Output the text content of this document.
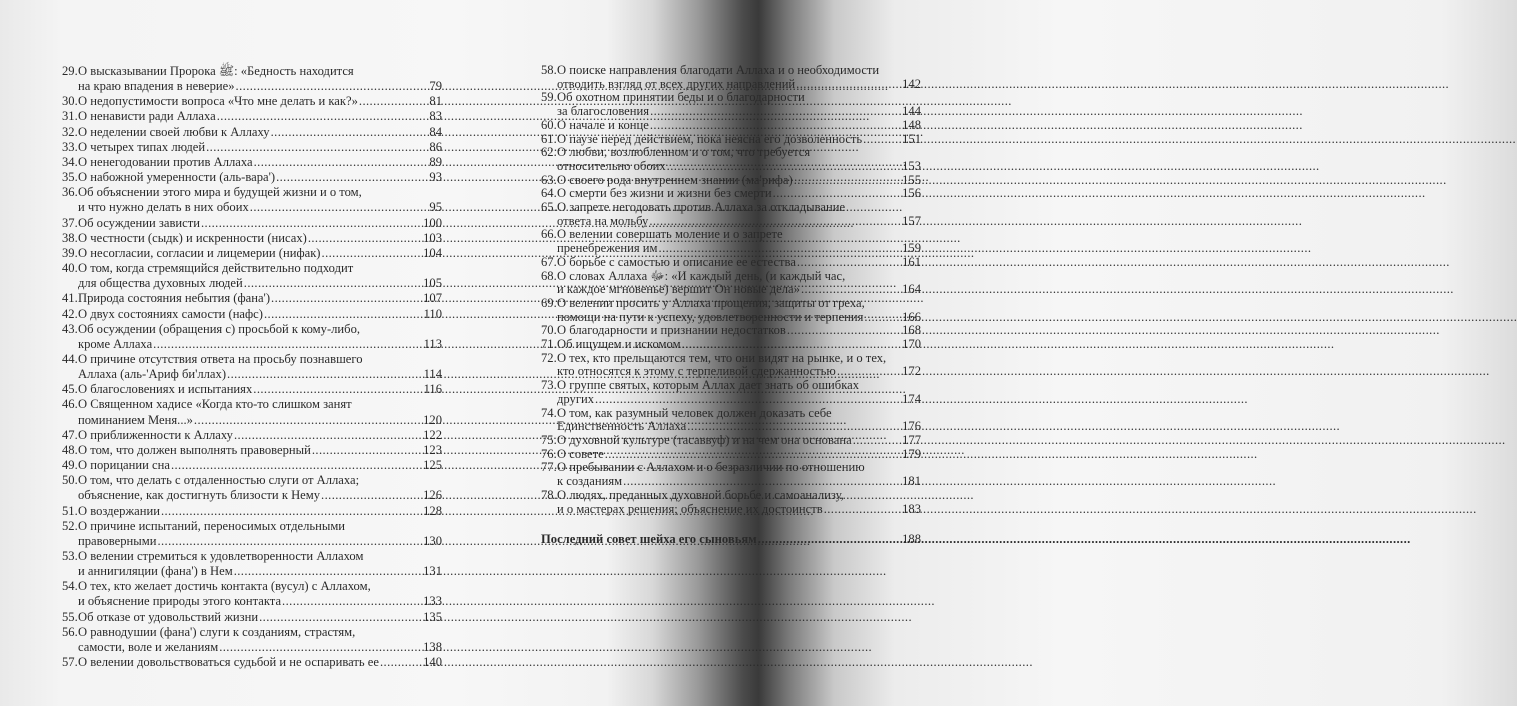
29. О высказывании Пророка ﷺ: «Бедность находится
на краю впадения в неверие» .....	79
30. О недопустимости вопроса «Что мне делать и как?» .....	81
31. О ненависти ради Аллаха .....	83
32. О неделении своей любви к Аллаху .....	84
33. О четырех типах людей .....	86
34. О ненегодовании против Аллаха .....	89
35. О набожной умеренности (аль-вара') .....	93
36. Об объяснении этого мира и будущей жизни и о том,
и что нужно делать в них обоих .....	95
37. Об осуждении зависти .....	100
38. О честности (сыдк) и искренности (нисах) .....	103
39. О несогласии, согласии и лицемерии (нифак) .....	104
40. О том, когда стремящийся действительно подходит
для общества духовных людей .....	105
41. Природа состояния небытия (фана') .....	107
42. О двух состояниях самости (нафс) .....	110
43. Об осуждении (обращения с) просьбой к кому-либо,
кроме Аллаха .....	113
44. О причине отсутствия ответа на просьбу познавшего
Аллаха (аль-'Ариф би'ллах) .....	114
45. О благословениях и испытаниях .....	116
46. О Священном хадисе «Когда кто-то слишком занят
поминанием Меня...» .....	120
47. О приближенности к Аллаху .....	122
48. О том, что должен выполнять правоверный .....	123
49. О порицании сна .....	125
50. О том, что делать с отдаленностью слуги от Аллаха;
объяснение, как достигнуть близости к Нему .....	126
51. О воздержании .....	128
52. О причине испытаний, переносимых отдельными
правоверными .....	130
53. О велении стремиться к удовлетворенности Аллахом
и аннигиляции (фана') в Нем .....	131
54. О тех, кто желает достичь контакта (вусул) с Аллахом,
и объяснение природы этого контакта .....	133
55. Об отказе от удовольствий жизни .....	135
56. О равнодушии (фана') слуги к созданиям, страстям,
самости, воле и желаниям .....	138
57. О велении довольствоваться судьбой и не оспаривать ее .....	140
58. О поиске направления благодати Аллаха и о необходимости
отводить взгляд от всех других направлений .....	142
59. Об охотном принятии беды и о благодарности
за благословения .....	144
60. О начале и конце .....	148
61. О паузе перед действием, пока неясна его дозволенность .....	151
62. О любви, возлюбленном и о том, что требуется
относительно обоих .....	153
63. О своего рода внутреннем знании (ма'рифа) .....	155
64. О смерти без жизни и жизни без смерти .....	156
65. О запрете негодовать против Аллаха за откладывание
ответа на мольбу .....	157
66. О велении совершать моление и о запрете
пренебрежения им .....	159
67. О борьбе с самостью и описание ее естества .....	161
68. О словах Аллаха ﷻ: «И каждый день, (и каждый час,
и каждое мгновенье) вершит Он новые дела» .....	164
69. О велении просить у Аллаха прощения, защиты от греха,
помощи на пути к успеху, удовлетворенности и терпения .....	166
70. О благодарности и признании недостатков .....	168
71. Об ищущем и искомом .....	170
72. О тех, кто прельщаются тем, что они видят на рынке, и о тех,
кто относятся к этому с терпеливой сдержанностью .....	172
73. О группе святых, которым Аллах дает знать об ошибках
других .....	174
74. О том, как разумный человек должен доказать себе
Единственность Аллаха .....	176
75. О духовной культуре (тасаввуф) и на чем она основана .....	177
76. О совете .....	179
77. О пребывании с Аллахом и о безразличии по отношению
к созданиям .....	181
78. О людях, преданных духовной борьбе и самоанализу,
и о мастерах решения; объяснение их достоинств .....	183
Последний совет шейха его сыновьям .....	188
